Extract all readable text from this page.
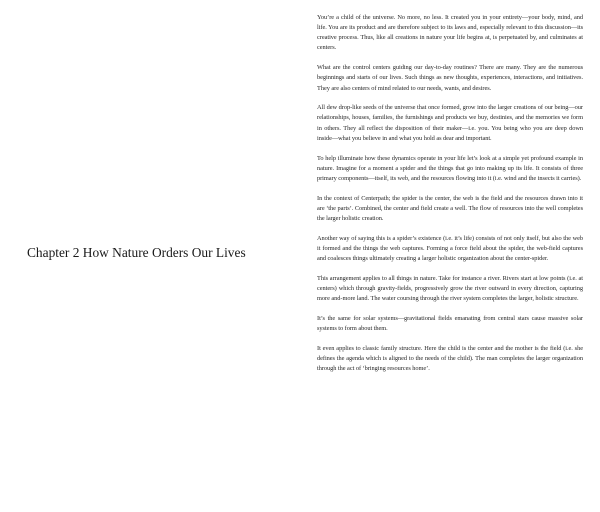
Chapter 2 How Nature Orders Our Lives

You’re a child of the universe. No more, no less. It created you in your entirety—your body, mind, and life. You are its product and are therefore subject to its laws and, especially relevant to this discussion—its creative process. Thus, like all creations in nature your life begins at, is perpetuated by, and culminates at centers.

What are the control centers guiding our day-to-day routines? There are many. They are the numerous beginnings and starts of our lives. Such things as new thoughts, experiences, interactions, and initiatives. They are also centers of mind related to our needs, wants, and desires.

All dew drop-like seeds of the universe that once formed, grow into the larger creations of our being—our relationships, houses, families, the furnishings and products we buy, destinies, and the memories we form in others. They all reflect the disposition of their maker—i.e. you. You being who you are deep down inside—what you believe in and what you hold as dear and important.

To help illuminate how these dynamics operate in your life let’s look at a simple yet profound example in nature. Imagine for a moment a spider and the things that go into making up its life. It consists of three primary components—itself, its web, and the resources flowing into it (i.e. wind and the insects it carries).

In the context of Centerpath; the spider is the center, the web is the field and the resources drawn into it are ‘the parts’. Combined, the center and field create a well. The flow of resources into the well completes the larger holistic creation.

Another way of saying this is a spider’s existence (i.e. it’s life) consists of not only itself, but also the web it formed and the things the web captures. Forming a force field about the spider, the web-field captures and coalesces things ultimately creating a larger holistic organization about the center-spider.

This arrangement applies to all things in nature. Take for instance a river. Rivers start at low points (i.e. at centers) which through gravity-fields, progressively grow the river outward in every direction, capturing more and-more land. The water coursing through the river system completes the larger, holistic structure.

It’s the same for solar systems—gravitational fields emanating from central stars cause massive solar systems to form about them.

It even applies to classic family structure. Here the child is the center and the mother is the field (i.e. she defines the agenda which is aligned to the needs of the child). The man completes the larger organization through the act of ‘bringing resources home’.
